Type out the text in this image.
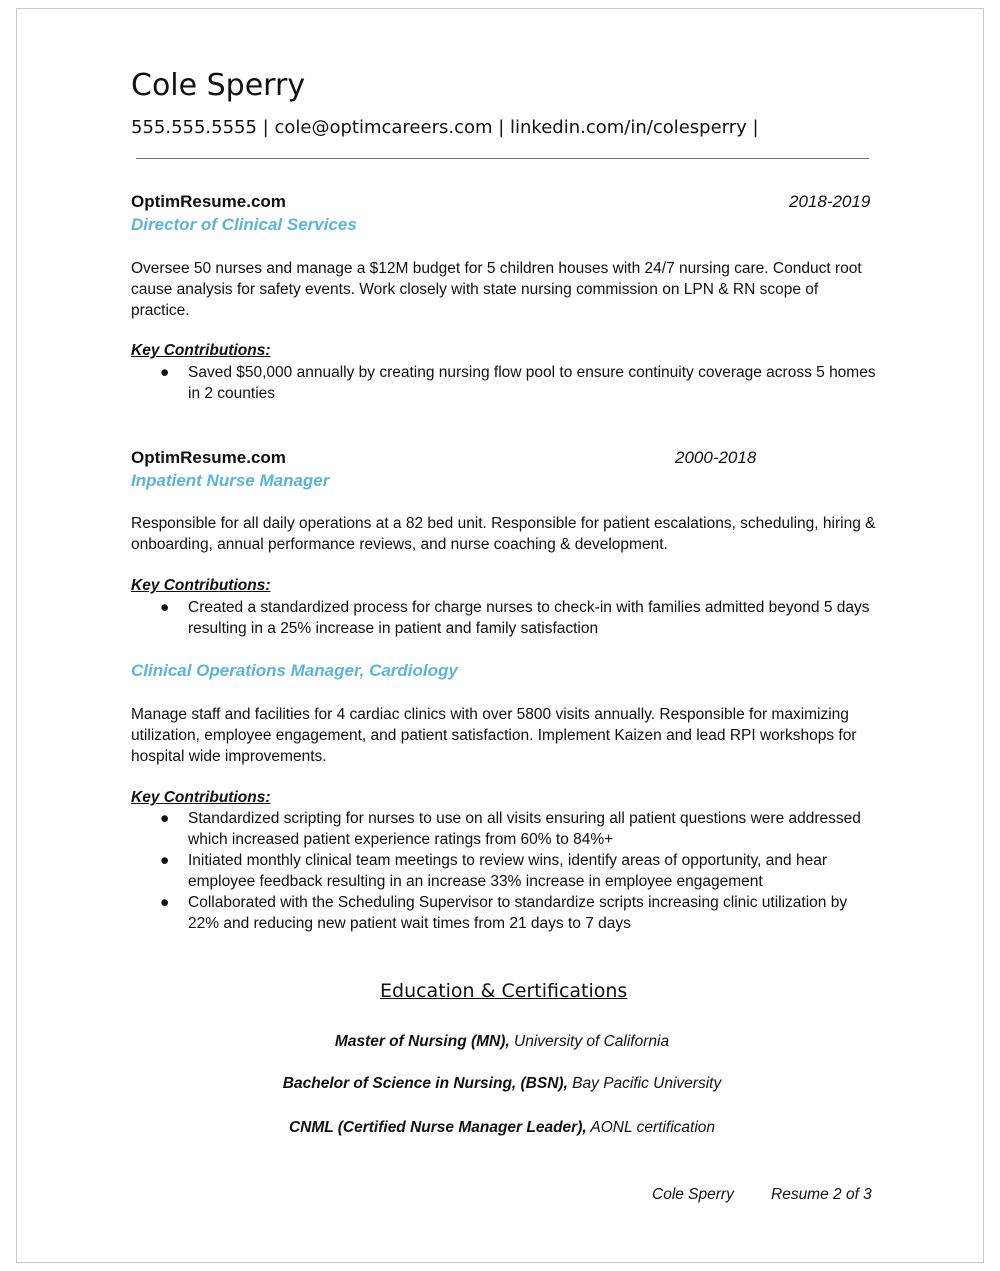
Cole Sperry
555.555.5555 | cole@optimcareers.com | linkedin.com/in/colesperry |
OptimResume.com	2018-2019
Director of Clinical Services
Oversee 50 nurses and manage a $12M budget for 5 children houses with 24/7 nursing care. Conduct root cause analysis for safety events. Work closely with state nursing commission on LPN & RN scope of practice.
Key Contributions:
● Saved $50,000 annually by creating nursing flow pool to ensure continuity coverage across 5 homes in 2 counties
OptimResume.com	2000-2018
Inpatient Nurse Manager
Responsible for all daily operations at a 82 bed unit. Responsible for patient escalations, scheduling, hiring & onboarding, annual performance reviews, and nurse coaching & development.
Key Contributions:
● Created a standardized process for charge nurses to check-in with families admitted beyond 5 days resulting in a 25% increase in patient and family satisfaction
Clinical Operations Manager, Cardiology
Manage staff and facilities for 4 cardiac clinics with over 5800 visits annually. Responsible for maximizing utilization, employee engagement, and patient satisfaction. Implement Kaizen and lead RPI workshops for hospital wide improvements.
Key Contributions:
● Standardized scripting for nurses to use on all visits ensuring all patient questions were addressed which increased patient experience ratings from 60% to 84%+
● Initiated monthly clinical team meetings to review wins, identify areas of opportunity, and hear employee feedback resulting in an increase 33% increase in employee engagement
● Collaborated with the Scheduling Supervisor to standardize scripts increasing clinic utilization by 22% and reducing new patient wait times from 21 days to 7 days
Education & Certifications
Master of Nursing (MN), University of California
Bachelor of Science in Nursing, (BSN), Bay Pacific University
CNML (Certified Nurse Manager Leader), AONL certification
Cole Sperry Resume 2 of 3
